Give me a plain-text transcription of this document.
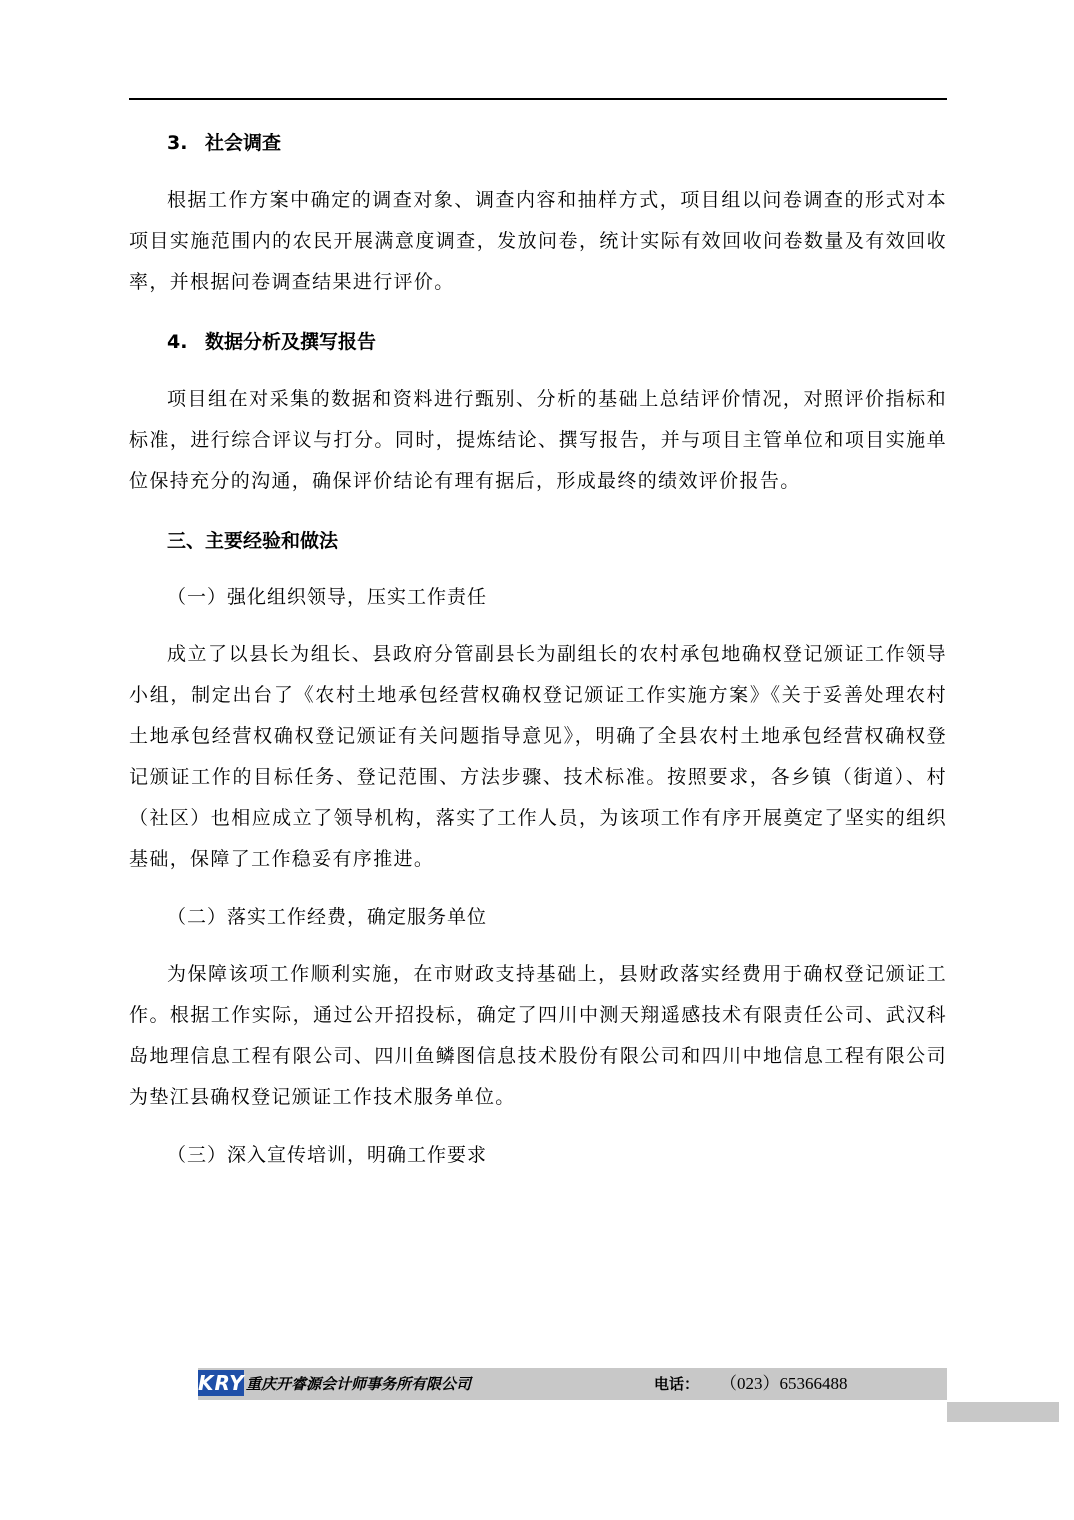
3. 社会调查

根据工作方案中确定的调查对象、调查内容和抽样方式，项目组以问卷调查的形式对本项目实施范围内的农民开展满意度调查，发放问卷，统计实际有效回收问卷数量及有效回收率，并根据问卷调查结果进行评价。

4. 数据分析及撰写报告

项目组在对采集的数据和资料进行甄别、分析的基础上总结评价情况，对照评价指标和标准，进行综合评议与打分。同时，提炼结论、撰写报告，并与项目主管单位和项目实施单位保持充分的沟通，确保评价结论有理有据后，形成最终的绩效评价报告。

三、主要经验和做法

（一）强化组织领导，压实工作责任

成立了以县长为组长、县政府分管副县长为副组长的农村承包地确权登记颁证工作领导小组，制定出台了《农村土地承包经营权确权登记颁证工作实施方案》《关于妥善处理农村土地承包经营权确权登记颁证有关问题指导意见》，明确了全县农村土地承包经营权确权登记颁证工作的目标任务、登记范围、方法步骤、技术标准。按照要求，各乡镇（街道）、村（社区）也相应成立了领导机构，落实了工作人员，为该项工作有序开展奠定了坚实的组织基础，保障了工作稳妥有序推进。

（二）落实工作经费，确定服务单位

为保障该项工作顺利实施，在市财政支持基础上，县财政落实经费用于确权登记颁证工作。根据工作实际，通过公开招投标，确定了四川中测天翔遥感技术有限责任公司、武汉科岛地理信息工程有限公司、四川鱼鳞图信息技术股份有限公司和四川中地信息工程有限公司为垫江县确权登记颁证工作技术服务单位。

（三）深入宣传培训，明确工作要求

KRY 重庆开睿源会计师事务所有限公司	电话： （023）65366488
